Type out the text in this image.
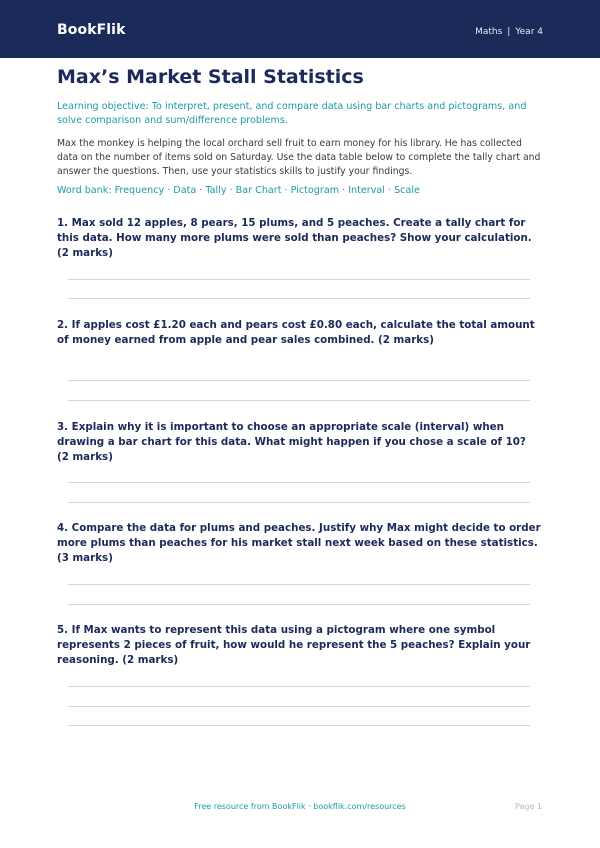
BookFlik	Maths | Year 4
Max’s Market Stall Statistics
Learning objective: To interpret, present, and compare data using bar charts and pictograms, and solve comparison and sum/difference problems.
Max the monkey is helping the local orchard sell fruit to earn money for his library. He has collected data on the number of items sold on Saturday. Use the data table below to complete the tally chart and answer the questions. Then, use your statistics skills to justify your findings.
Word bank: Frequency · Data · Tally · Bar Chart · Pictogram · Interval · Scale
1. Max sold 12 apples, 8 pears, 15 plums, and 5 peaches. Create a tally chart for this data. How many more plums were sold than peaches? Show your calculation. (2 marks)
2. If apples cost £1.20 each and pears cost £0.80 each, calculate the total amount of money earned from apple and pear sales combined. (2 marks)
3. Explain why it is important to choose an appropriate scale (interval) when drawing a bar chart for this data. What might happen if you chose a scale of 10? (2 marks)
4. Compare the data for plums and peaches. Justify why Max might decide to order more plums than peaches for his market stall next week based on these statistics. (3 marks)
5. If Max wants to represent this data using a pictogram where one symbol represents 2 pieces of fruit, how would he represent the 5 peaches? Explain your reasoning. (2 marks)
Free resource from BookFlik · bookflik.com/resources	Page 1
